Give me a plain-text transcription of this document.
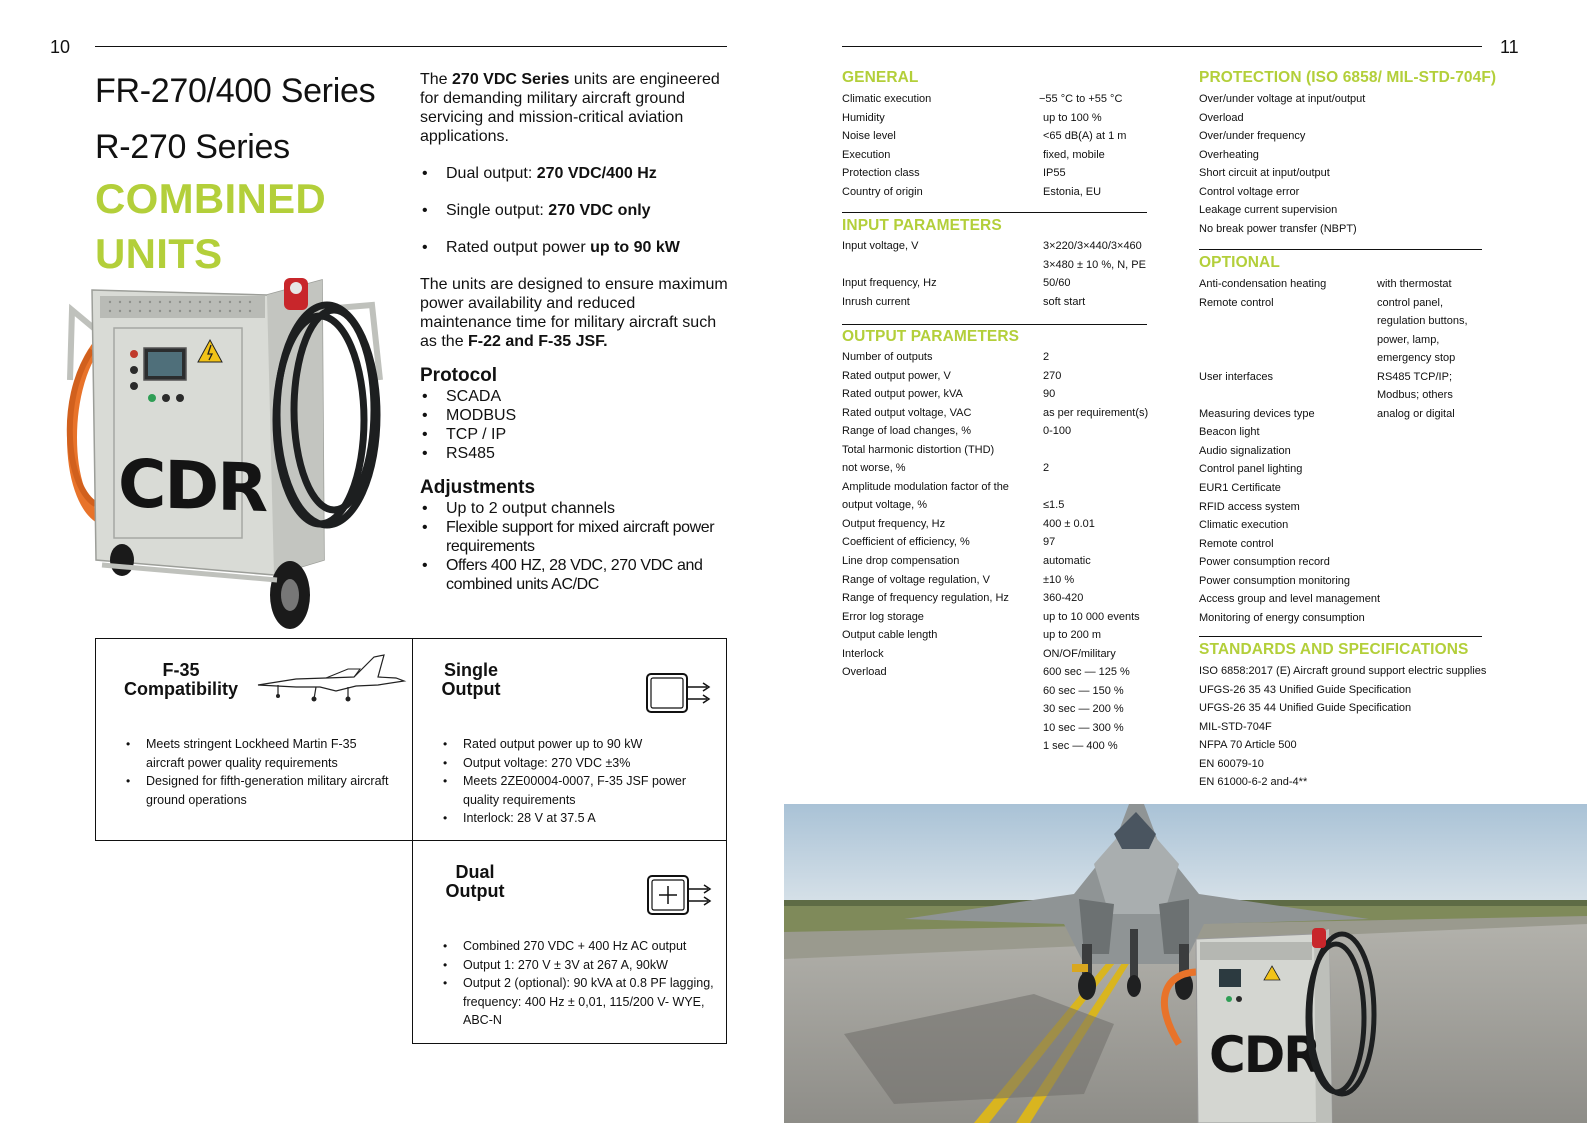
10
FR-270/400 Series
R-270 Series
COMBINED
UNITS

The 270 VDC Series units are engineered for demanding military aircraft ground servicing and mission-critical aviation applications.

• Dual output: 270 VDC/400 Hz
• Single output: 270 VDC only
• Rated output power up to 90 kW

The units are designed to ensure maximum power availability and reduced maintenance time for military aircraft such as the F-22 and F-35 JSF.

Protocol
• SCADA
• MODBUS
• TCP / IP
• RS485
Adjustments
• Up to 2 output channels
• Flexible support for mixed aircraft power requirements
• Offers 400 HZ, 28 VDC, 270 VDC and combined units AC/DC
CDR
F-35
Compatibility
• Meets stringent Lockheed Martin F-35 aircraft power quality requirements
• Designed for fifth-generation military aircraft ground operations
Single
Output
• Rated output power up to 90 kW
• Output voltage: 270 VDC ±3%
• Meets 2ZE00004-0007, F-35 JSF power quality requirements
• Interlock: 28 V at 37.5 A
Dual
Output
• Combined 270 VDC + 400 Hz AC output
• Output 1: 270 V ± 3V at 267 A, 90kW
• Output 2 (optional): 90 kVA at 0.8 PF lagging, frequency: 400 Hz ± 0,01, 115/200 V- WYE, ABC-N
11
GENERAL
Climatic execution	−55 °C to +55 °C
Humidity	up to 100 %
Noise level	<65 dB(A) at 1 m
Execution	fixed, mobile
Protection class	IP55
Country of origin	Estonia, EU
INPUT PARAMETERS
Input voltage, V	3×220/3×440/3×460
3×480 ± 10 %, N, PE
Input frequency, Hz	50/60
Inrush current	soft start
OUTPUT PARAMETERS
Number of outputs	2
Rated output power, V	270
Rated output power, kVA	90
Rated output voltage, VAC	as per requirement(s)
Range of load changes, %	0-100
Total harmonic distortion (THD)
not worse, %	2
Amplitude modulation factor of the
output voltage, %	≤1.5
Output frequency, Hz	400 ± 0.01
Coefficient of efficiency, %	97
Line drop compensation	automatic
Range of voltage regulation, V	±10 %
Range of frequency regulation, Hz	360-420
Error log storage	up to 10 000 events
Output cable length	up to 200 m
Interlock	ON/OF/military
Overload	600 sec — 125 %
60 sec — 150 %
30 sec — 200 %
10 sec — 300 %
1 sec — 400 %
PROTECTION (ISO 6858/ MIL-STD-704F)
Over/under voltage at input/output
Overload
Over/under frequency
Overheating
Short circuit at input/output
Control voltage error
Leakage current supervision
No break power transfer (NBPT)
OPTIONAL
Anti-condensation heating	with thermostat
Remote control	control panel,
regulation buttons,
power, lamp,
emergency stop
User interfaces	RS485 TCP/IP;
Modbus; others
Measuring devices type	analog or digital
Beacon light
Audio signalization
Control panel lighting
EUR1 Certificate
RFID access system
Climatic execution
Remote control
Power consumption record
Power consumption monitoring
Access group and level management
Monitoring of energy consumption
STANDARDS AND SPECIFICATIONS
ISO 6858:2017 (E) Aircraft ground support electric supplies
UFGS-26 35 43 Unified Guide Specification
UFGS-26 35 44 Unified Guide Specification
MIL-STD-704F
NFPA 70 Article 500
EN 60079-10
EN 61000-6-2 and-4**
CDR
